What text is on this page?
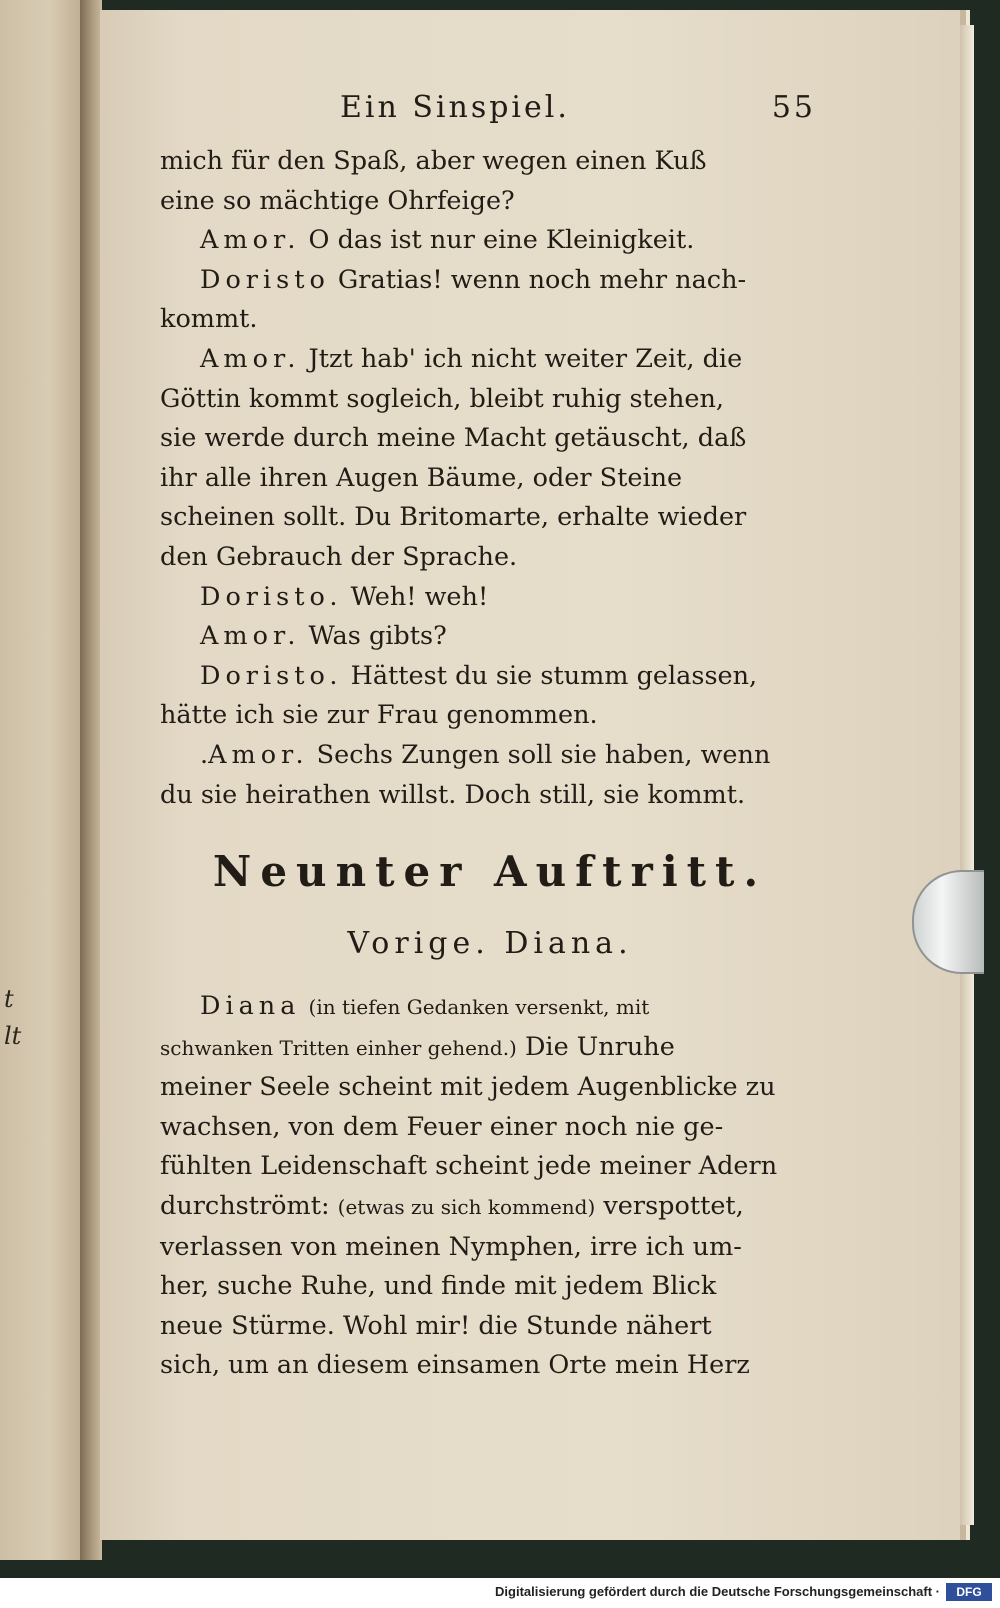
t
lt
Ein Sinspiel.	55
mich für den Spaß, aber wegen einen Kuß
eine so mächtige Ohrfeige?
Amor. O das ist nur eine Kleinigkeit.
Doristo Gratias! wenn noch mehr nach-
kommt.
Amor. Jtzt hab' ich nicht weiter Zeit, die
Göttin kommt sogleich, bleibt ruhig stehen,
sie werde durch meine Macht getäuscht, daß
ihr alle ihren Augen Bäume, oder Steine
scheinen sollt. Du Britomarte, erhalte wieder
den Gebrauch der Sprache.
Doristo. Weh! weh!
Amor. Was gibts?
Doristo. Hättest du sie stumm gelassen,
hätte ich sie zur Frau genommen.
.Amor. Sechs Zungen soll sie haben, wenn
du sie heirathen willst. Doch still, sie kommt.
Neunter Auftritt.
Vorige. Diana.
Diana (in tiefen Gedanken versenkt, mit
schwanken Tritten einher gehend.) Die Unruhe
meiner Seele scheint mit jedem Augenblicke zu
wachsen, von dem Feuer einer noch nie ge-
fühlten Leidenschaft scheint jede meiner Adern
durchströmt: (etwas zu sich kommend) verspottet,
verlassen von meinen Nymphen, irre ich um-
her, suche Ruhe, und finde mit jedem Blick
neue Stürme. Wohl mir! die Stunde nähert
sich, um an diesem einsamen Orte mein Herz
Digitalisierung gefördert durch die Deutsche Forschungsgemeinschaft ·	DFG
